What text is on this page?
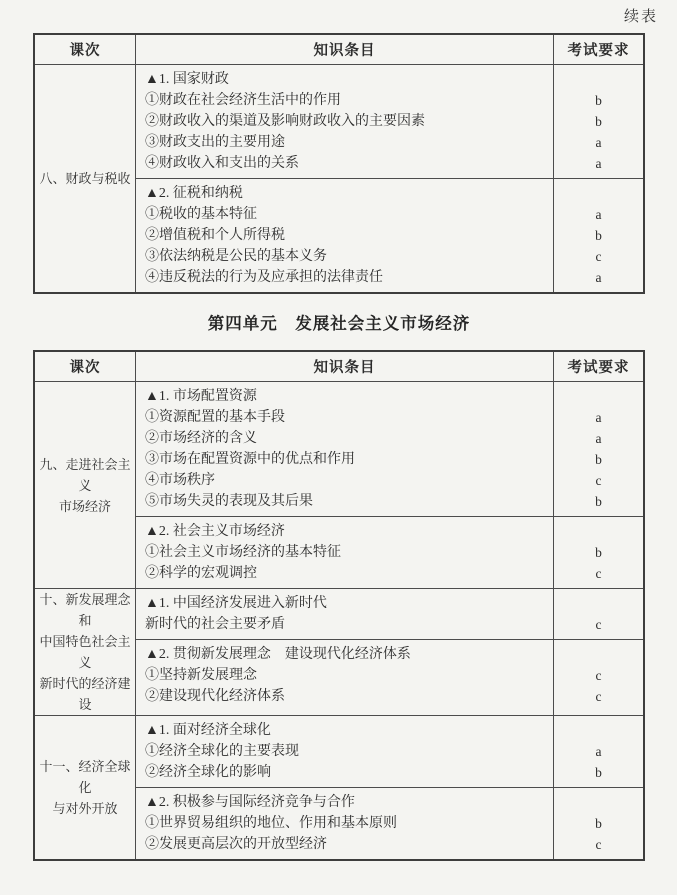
续表
课次	知识条目	考试要求
八、财政与税收
▲1. 国家财政
①财政在社会经济生活中的作用	b
②财政收入的渠道及影响财政收入的主要因素	b
③财政支出的主要用途	a
④财政收入和支出的关系	a
▲2. 征税和纳税
①税收的基本特征	a
②增值税和个人所得税	b
③依法纳税是公民的基本义务	c
④违反税法的行为及应承担的法律责任	a
第四单元　发展社会主义市场经济
课次	知识条目	考试要求
九、走进社会主义
市场经济
▲1. 市场配置资源
①资源配置的基本手段	a
②市场经济的含义	a
③市场在配置资源中的优点和作用	b
④市场秩序	c
⑤市场失灵的表现及其后果	b
▲2. 社会主义市场经济
①社会主义市场经济的基本特征	b
②科学的宏观调控	c
十、新发展理念和
中国特色社会主义
新时代的经济建设
▲1. 中国经济发展进入新时代
新时代的社会主要矛盾	c
▲2. 贯彻新发展理念　建设现代化经济体系
①坚持新发展理念	c
②建设现代化经济体系	c
十一、经济全球化
与对外开放
▲1. 面对经济全球化
①经济全球化的主要表现	a
②经济全球化的影响	b
▲2. 积极参与国际经济竞争与合作
①世界贸易组织的地位、作用和基本原则	b
②发展更高层次的开放型经济	c
